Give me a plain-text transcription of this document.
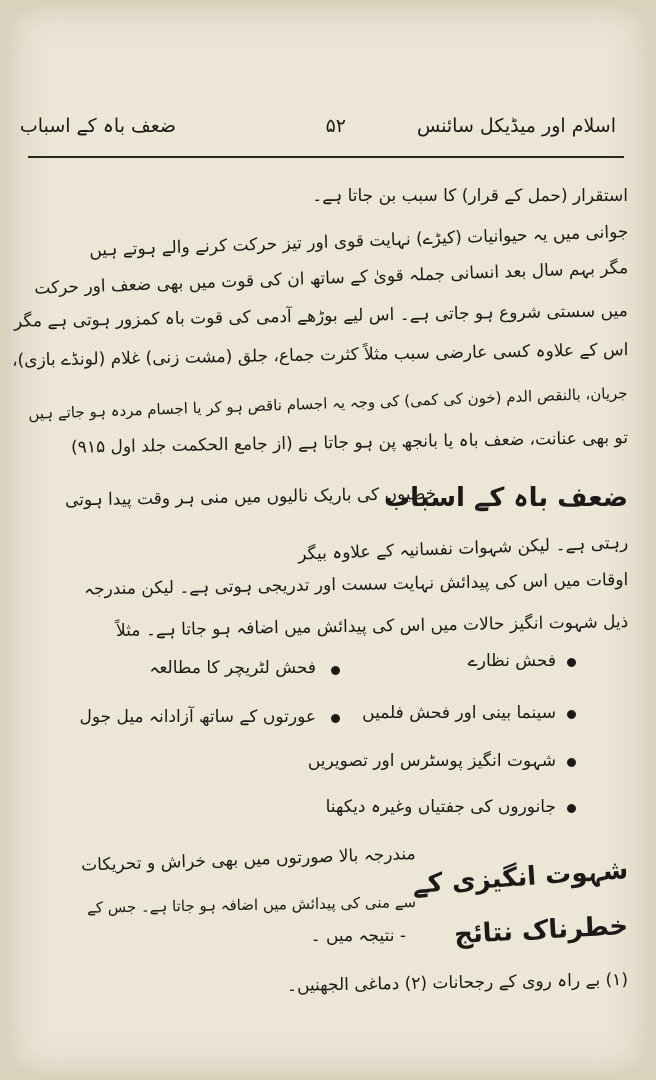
اسلام اور میڈیکل سائنس
۵۲
ضعف باہ کے اسباب
استقرار (حمل کے قرار) کا سبب بن جاتا ہے۔
جوانی میں یہ حیوانیات (کیڑے) نہایت قوی اور تیز حرکت کرنے والے ہوتے ہیں
مگر بہم سال بعد انسانی جملہ قویٰ کے ساتھ ان کی قوت میں بھی ضعف اور حرکت
میں سستی شروع ہو جاتی ہے۔ اس لیے بوڑھے آدمی کی قوت باہ کمزور ہوتی ہے مگر
اس کے علاوہ کسی عارضی سبب مثلاً کثرت جماع، جلق (مشت زنی) غلام (لونڈے بازی)،
جریان، بالنقص الدم (خون کی کمی) کی وجہ یہ اجسام ناقص ہو کر یا اجسام مردہ ہو جاتے ہیں
تو بھی عنانت، ضعف باہ یا بانجھ پن ہو جاتا ہے (از جامع الحکمت جلد اول ۹۱۵)
ضعف باہ کے اسباب
خصیوں کی باریک نالیوں میں منی ہر وقت پیدا ہوتی
رہتی ہے۔ لیکن شہوات نفسانیہ کے علاوہ بیگر
اوقات میں اس کی پیدائش نہایت سست اور تدریجی ہوتی ہے۔ لیکن مندرجہ
ذیل شہوت انگیز حالات میں اس کی پیدائش میں اضافہ ہو جاتا ہے۔ مثلاً
فحش نظارے
فحش لٹریچر کا مطالعہ
سینما بینی اور فحش فلمیں
عورتوں کے ساتھ آزادانہ میل جول
شہوت انگیز پوسٹرس اور تصویریں
جانوروں کی جفتیاں وغیرہ دیکھنا
شہوت انگیزی کے
خطرناک نتائج
مندرجہ بالا صورتوں میں بھی خراش و تحریکات
سے منی کی پیدائش میں اضافہ ہو جاتا ہے۔ جس کے
- نتیجہ میں ۔
(۱) بے راہ روی کے رجحانات (۲) دماغی الجھنیں۔
